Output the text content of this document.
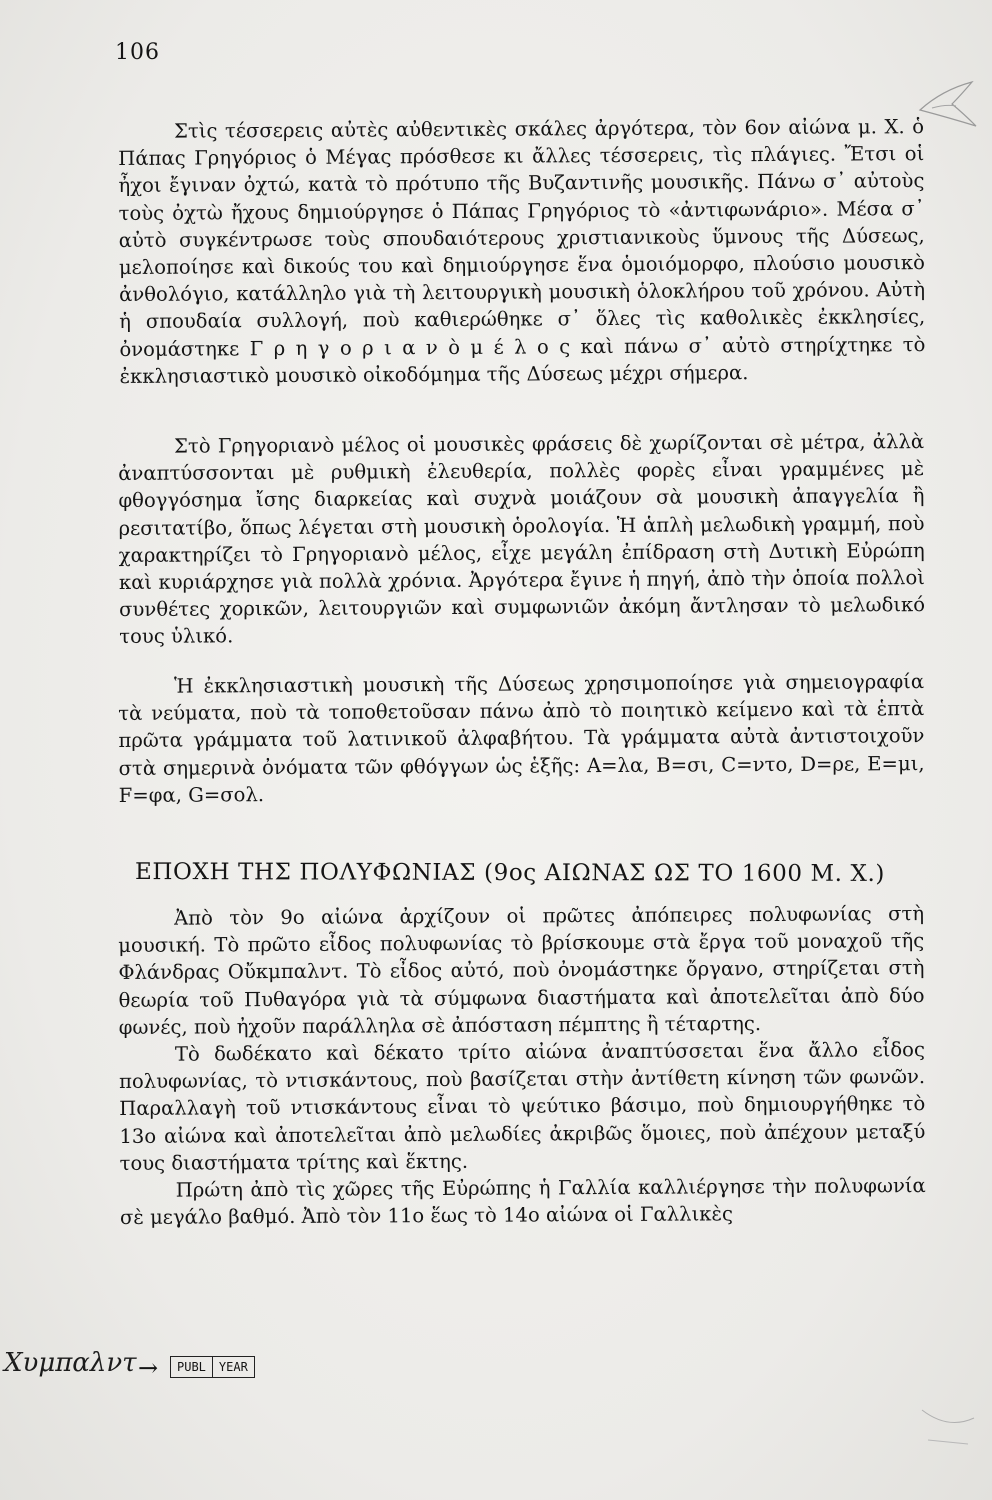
106

Στὶς τέσσερεις αὐτὲς αὐθεντικὲς σκάλες ἀργότερα, τὸν 6ον αἰώνα μ. Χ. ὁ Πάπας Γρηγόριος ὁ Μέγας πρόσθεσε κι ἄλλες τέσσερεις, τὶς πλάγιες. Ἔτσι οἱ ἦχοι ἔγιναν ὀχτώ, κατὰ τὸ πρότυπο τῆς Βυζαντινῆς μουσικῆς. Πάνω σ᾿ αὐτοὺς τοὺς ὀχτὼ ἤχους δημιούργησε ὁ Πάπας Γρηγόριος τὸ «ἀντιφωνάριο». Μέσα σ᾿ αὐτὸ συγκέντρωσε τοὺς σπουδαιότερους χριστιανικοὺς ὕμνους τῆς Δύσεως, μελοποίησε καὶ δικούς του καὶ δημιούργησε ἕνα ὁμοιόμορφο, πλούσιο μουσικὸ ἀνθολόγιο, κατάλληλο γιὰ τὴ λειτουργικὴ μουσικὴ ὁλοκλήρου τοῦ χρόνου. Αὐτὴ ἡ σπουδαία συλλογή, ποὺ καθιερώθηκε σ᾿ ὅλες τὶς καθολικὲς ἐκκλησίες, ὀνομάστηκε Γ ρ η γ ο ρ ι α ν ὸ μ έ λ ο ς καὶ πάνω σ᾿ αὐτὸ στηρίχτηκε τὸ ἐκκλησιαστικὸ μουσικὸ οἰκοδόμημα τῆς Δύσεως μέχρι σήμερα.

Στὸ Γρηγοριανὸ μέλος οἱ μουσικὲς φράσεις δὲ χωρίζονται σὲ μέτρα, ἀλλὰ ἀναπτύσσονται μὲ ρυθμικὴ ἐλευθερία, πολλὲς φορὲς εἶναι γραμμένες μὲ φθογγόσημα ἴσης διαρκείας καὶ συχνὰ μοιάζουν σὰ μουσικὴ ἀπαγγελία ἢ ρεσιτατίβο, ὅπως λέγεται στὴ μουσικὴ ὁρολογία. Ἡ ἁπλὴ μελωδικὴ γραμμή, ποὺ χαρακτηρίζει τὸ Γρηγοριανὸ μέλος, εἶχε μεγάλη ἐπίδραση στὴ Δυτικὴ Εὐρώπη καὶ κυριάρχησε γιὰ πολλὰ χρόνια. Ἀργότερα ἔγινε ἡ πηγή, ἀπὸ τὴν ὁποία πολλοὶ συνθέτες χορικῶν, λειτουργιῶν καὶ συμφωνιῶν ἀκόμη ἄντλησαν τὸ μελωδικό τους ὑλικό.

Ἡ ἐκκλησιαστικὴ μουσικὴ τῆς Δύσεως χρησιμοποίησε γιὰ σημειογραφία τὰ νεύματα, ποὺ τὰ τοποθετοῦσαν πάνω ἀπὸ τὸ ποιητικὸ κείμενο καὶ τὰ ἑπτὰ πρῶτα γράμματα τοῦ λατινικοῦ ἀλφαβήτου. Τὰ γράμματα αὐτὰ ἀντιστοιχοῦν στὰ σημερινὰ ὀνόματα τῶν φθόγγων ὡς ἑξῆς: A=λα, B=σι, C=ντο, D=ρε, E=μι, F=φα, G=σολ.

ΕΠΟΧΗ ΤΗΣ ΠΟΛΥΦΩΝΙΑΣ (9ος ΑΙΩΝΑΣ ΩΣ ΤΟ 1600 Μ. Χ.)

Ἀπὸ τὸν 9ο αἰώνα ἀρχίζουν οἱ πρῶτες ἀπόπειρες πολυφωνίας στὴ μουσική. Τὸ πρῶτο εἶδος πολυφωνίας τὸ βρίσκουμε στὰ ἔργα τοῦ μοναχοῦ τῆς Φλάνδρας Οὔκμπαλντ. Τὸ εἶδος αὐτό, ποὺ ὀνομάστηκε ὄργανο, στηρίζεται στὴ θεωρία τοῦ Πυθαγόρα γιὰ τὰ σύμφωνα διαστήματα καὶ ἀποτελεῖται ἀπὸ δύο φωνές, ποὺ ἠχοῦν παράλληλα σὲ ἀπόσταση πέμπτης ἢ τέταρτης.

Τὸ δωδέκατο καὶ δέκατο τρίτο αἰώνα ἀναπτύσσεται ἕνα ἄλλο εἶδος πολυφωνίας, τὸ ντισκάντους, ποὺ βασίζεται στὴν ἀντίθετη κίνηση τῶν φωνῶν. Παραλλαγὴ τοῦ ντισκάντους εἶναι τὸ ψεύτικο βάσιμο, ποὺ δημιουργήθηκε τὸ 13ο αἰώνα καὶ ἀποτελεῖται ἀπὸ μελωδίες ἀκριβῶς ὅμοιες, ποὺ ἀπέχουν μεταξύ τους διαστήματα τρίτης καὶ ἕκτης.

Πρώτη ἀπὸ τὶς χῶρες τῆς Εὐρώπης ἡ Γαλλία καλλιέργησε τὴν πολυφωνία σὲ μεγάλο βαθμό. Ἀπὸ τὸν 11ο ἕως τὸ 14ο αἰώνα οἱ Γαλλικὲς

Χυμπαλντ →	PUBL	YEAR
